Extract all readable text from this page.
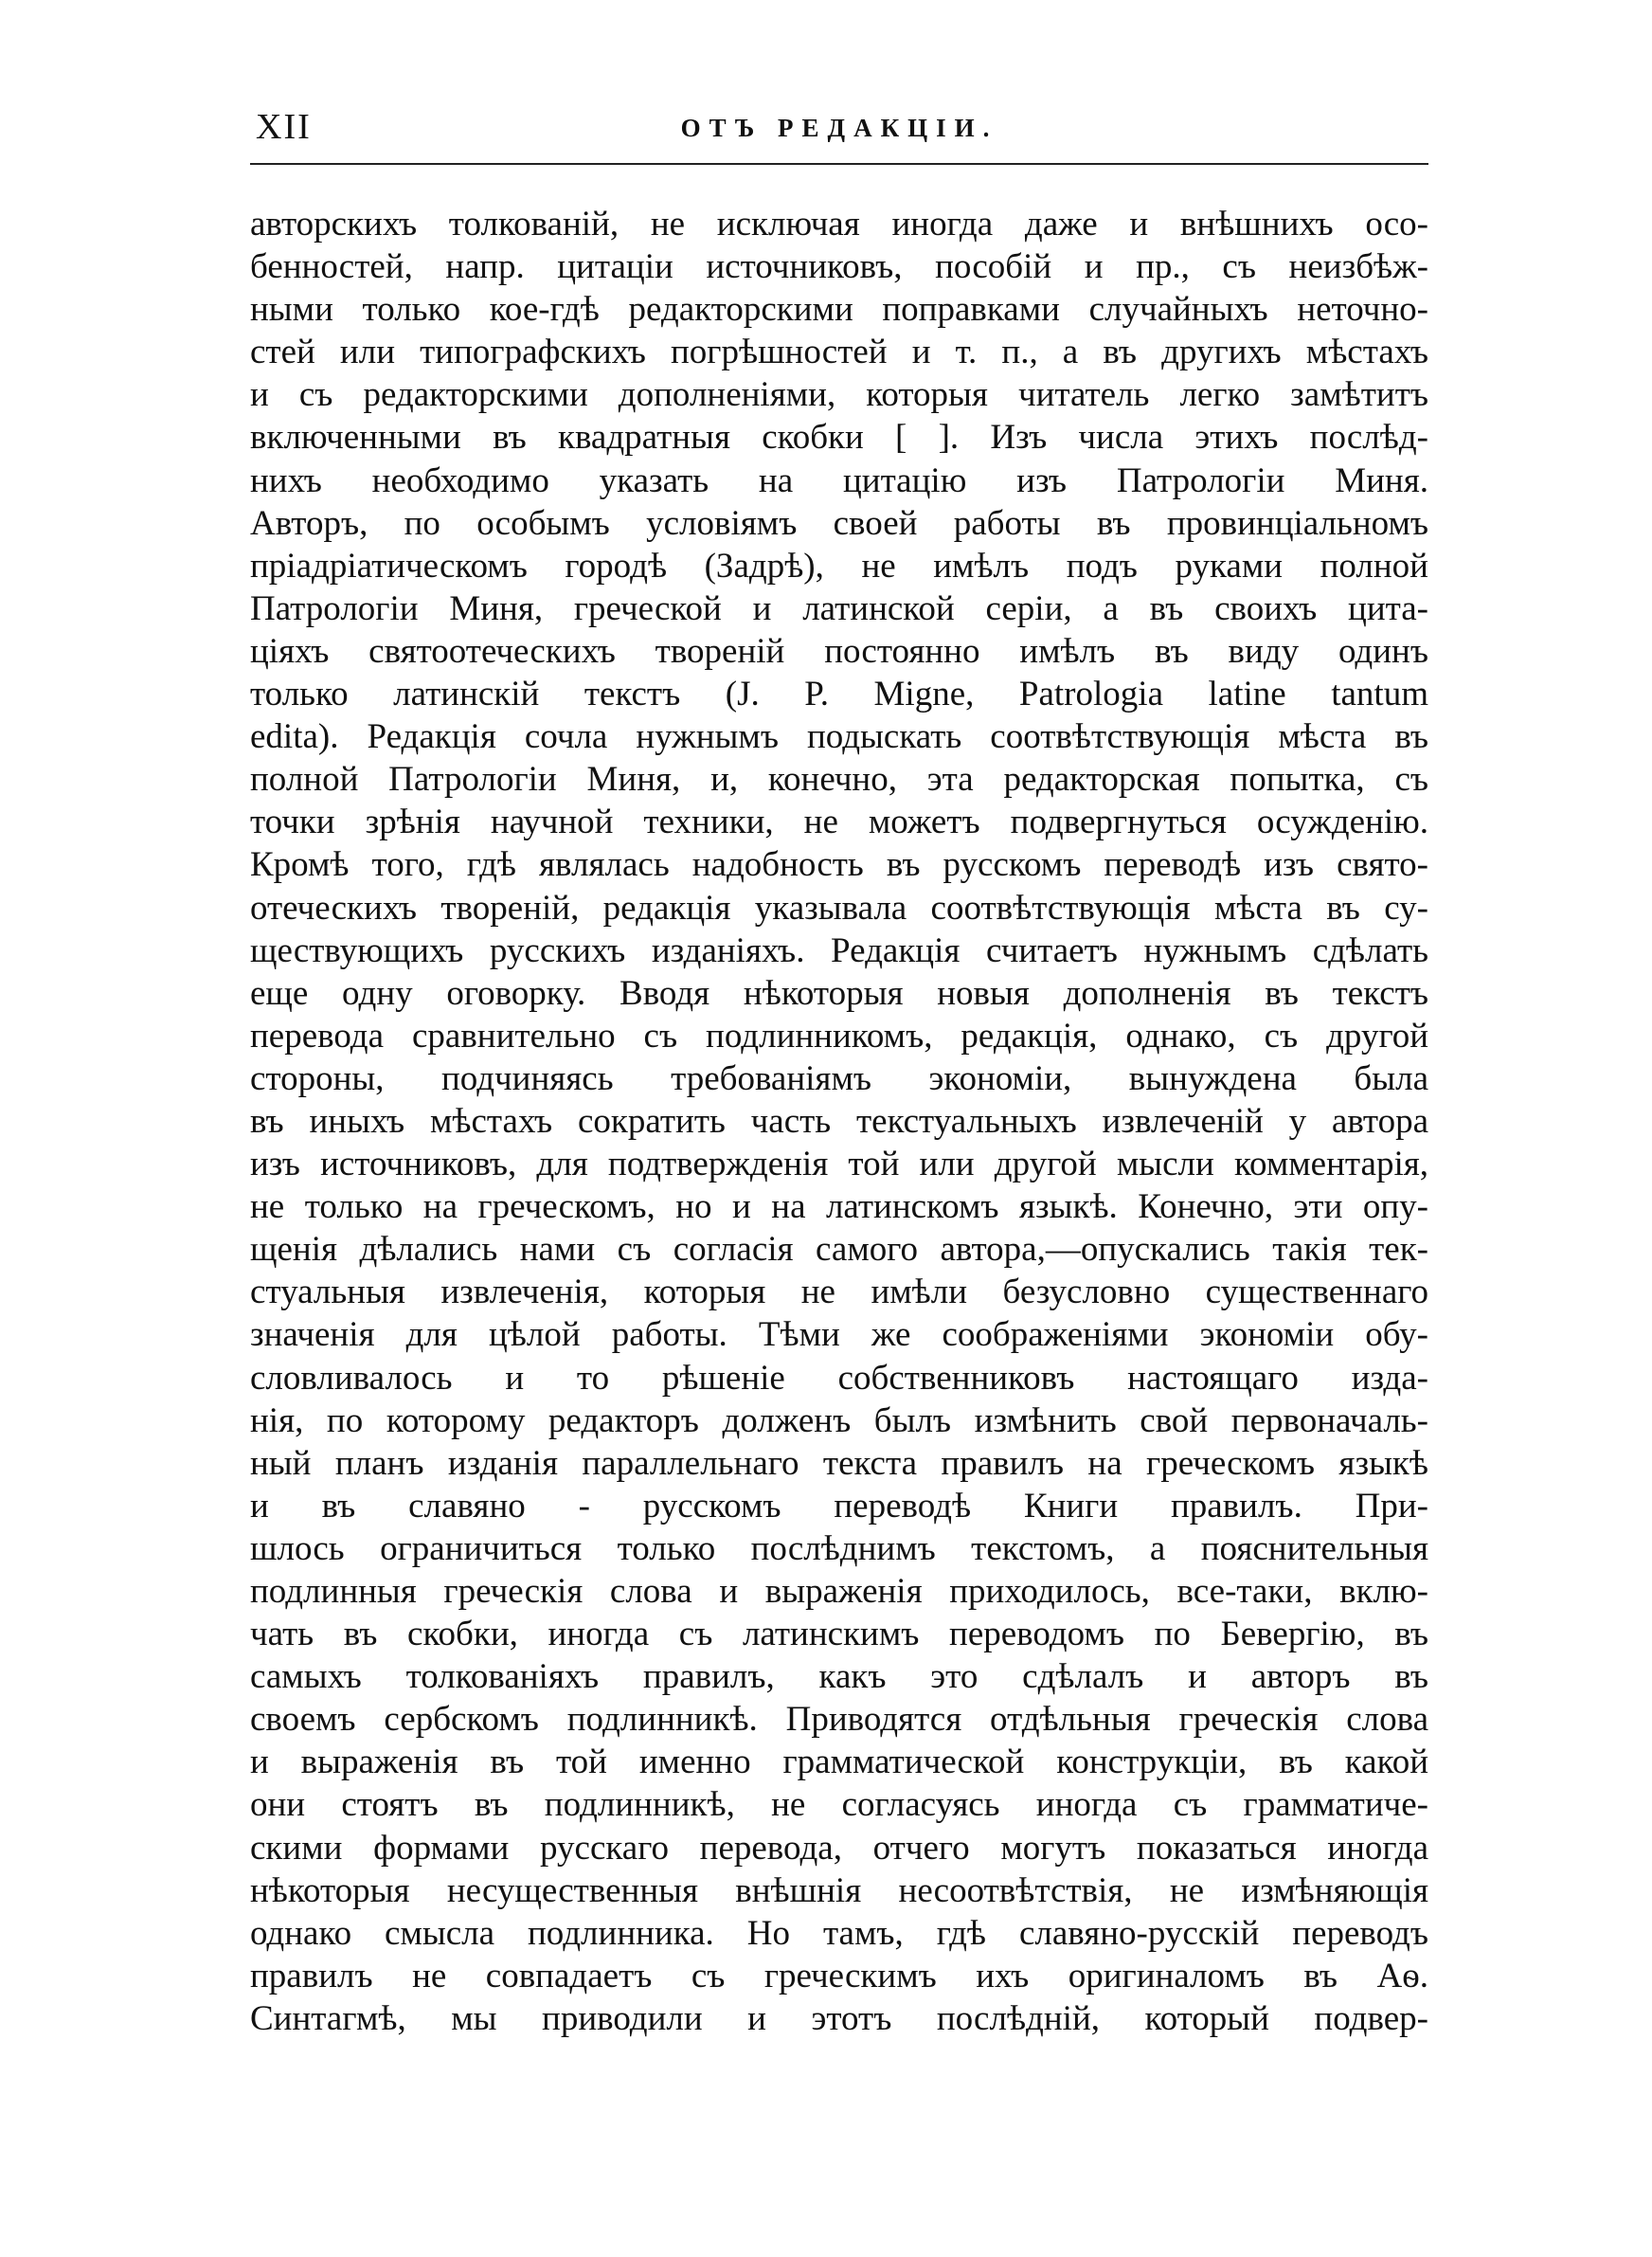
XII	ОТЪ РЕДАКЦІИ.
авторскихъ толкованій, не исключая иногда даже и внѣшнихъ осо-
бенностей, напр. цитаціи источниковъ, пособій и пр., съ неизбѣж-
ными только кое-гдѣ редакторскими поправками случайныхъ неточно-
стей или типографскихъ погрѣшностей и т. п., а въ другихъ мѣстахъ
и съ редакторскими дополненіями, которыя читатель легко замѣтитъ
включенными въ квадратныя скобки [ ]. Изъ числа этихъ послѣд-
нихъ необходимо указать на цитацію изъ Патрологіи Миня.
Авторъ, по особымъ условіямъ своей работы въ провинціальномъ
пріадріатическомъ городѣ (Задрѣ), не имѣлъ подъ руками полной
Патрологіи Миня, греческой и латинской серіи, а въ своихъ цита-
ціяхъ святоотеческихъ твореній постоянно имѣлъ въ виду одинъ
только латинскій текстъ (J. P. Migne, Patrologia latine tantum
edita). Редакція сочла нужнымъ подыскать соотвѣтствующія мѣста въ
полной Патрологіи Миня, и, конечно, эта редакторская попытка, съ
точки зрѣнія научной техники, не можетъ подвергнуться осужденію.
Кромѣ того, гдѣ являлась надобность въ русскомъ переводѣ изъ свято-
отеческихъ твореній, редакція указывала соотвѣтствующія мѣста въ су-
ществующихъ русскихъ изданіяхъ. Редакція считаетъ нужнымъ сдѣлать
еще одну оговорку. Вводя нѣкоторыя новыя дополненія въ текстъ
перевода сравнительно съ подлинникомъ, редакція, однако, съ другой
стороны, подчиняясь требованіямъ экономіи, вынуждена была
въ иныхъ мѣстахъ сократить часть текстуальныхъ извлеченій у автора
изъ источниковъ, для подтвержденія той или другой мысли комментарія,
не только на греческомъ, но и на латинскомъ языкѣ. Конечно, эти опу-
щенія дѣлались нами съ согласія самого автора,—опускались такія тек-
стуальныя извлеченія, которыя не имѣли безусловно существеннаго
значенія для цѣлой работы. Тѣми же соображеніями экономіи обу-
словливалось и то рѣшеніе собственниковъ настоящаго изда-
нія, по которому редакторъ долженъ былъ измѣнить свой первоначаль-
ный планъ изданія параллельнаго текста правилъ на греческомъ языкѣ
и въ славяно - русскомъ переводѣ Книги правилъ. При-
шлось ограничиться только послѣднимъ текстомъ, а пояснительныя
подлинныя греческія слова и выраженія приходилось, все-таки, вклю-
чать въ скобки, иногда съ латинскимъ переводомъ по Бевергію, въ
самыхъ толкованіяхъ правилъ, какъ это сдѣлалъ и авторъ въ
своемъ сербскомъ подлинникѣ. Приводятся отдѣльныя греческія слова
и выраженія въ той именно грамматической конструкціи, въ какой
они стоятъ въ подлинникѣ, не согласуясь иногда съ грамматиче-
скими формами русскаго перевода, отчего могутъ показаться иногда
нѣкоторыя несущественныя внѣшнія несоотвѣтствія, не измѣняющія
однако смысла подлинника. Но тамъ, гдѣ славяно-русскій переводъ
правилъ не совпадаетъ съ греческимъ ихъ оригиналомъ въ Аѳ.
Синтагмѣ, мы приводили и этотъ послѣдній, который подвер-
